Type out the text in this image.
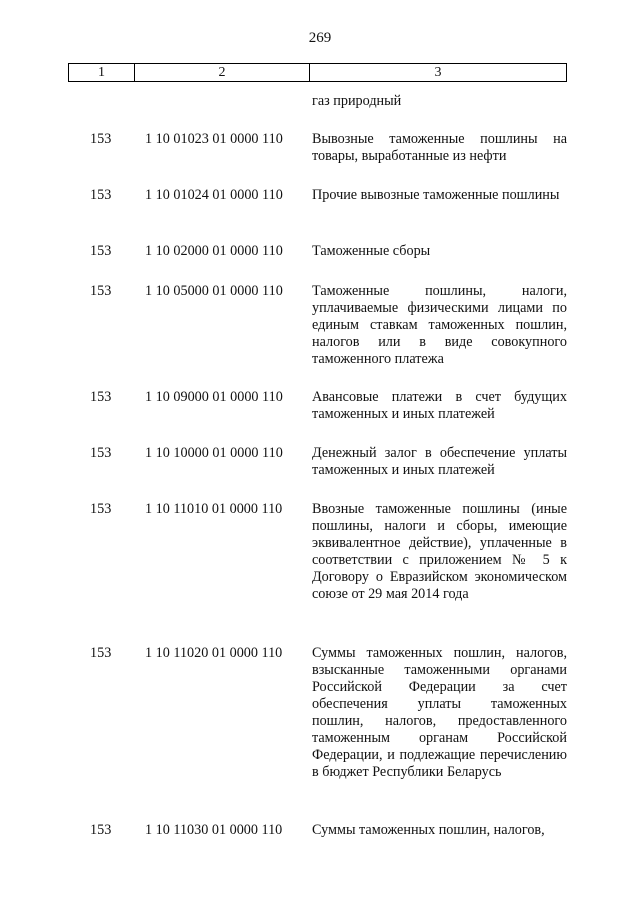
269
1	2	3
газ природный
153	1 10 01023 01 0000 110	Вывозные таможенные пошлины на товары, выработанные из нефти
153	1 10 01024 01 0000 110	Прочие вывозные таможенные пошлины
153	1 10 02000 01 0000 110	Таможенные сборы
153	1 10 05000 01 0000 110	Таможенные пошлины, налоги, уплачиваемые физическими лицами по единым ставкам таможенных пошлин, налогов или в виде совокупного таможенного платежа
153	1 10 09000 01 0000 110	Авансовые платежи в счет будущих таможенных и иных платежей
153	1 10 10000 01 0000 110	Денежный залог в обеспечение уплаты таможенных и иных платежей
153	1 10 11010 01 0000 110	Ввозные таможенные пошлины (иные пошлины, налоги и сборы, имеющие эквивалентное действие), уплаченные в соответствии с приложением № 5 к Договору о Евразийском экономическом союзе от 29 мая 2014 года
153	1 10 11020 01 0000 110	Суммы таможенных пошлин, налогов, взысканные таможенными органами Российской Федерации за счет обеспечения уплаты таможенных пошлин, налогов, предоставленного таможенным органам Российской Федерации, и подлежащие перечислению в бюджет Республики Беларусь
153	1 10 11030 01 0000 110	Суммы таможенных пошлин, налогов,
